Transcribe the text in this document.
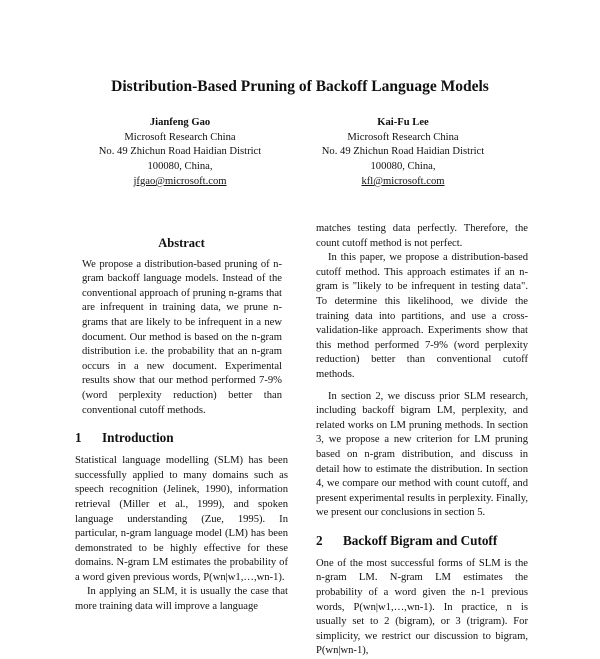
Distribution-Based Pruning of Backoff Language Models
Jianfeng Gao
Microsoft Research China
No. 49 Zhichun Road Haidian District
100080, China,
jfgao@microsoft.com
Kai-Fu Lee
Microsoft Research China
No. 49 Zhichun Road Haidian District
100080, China,
kfl@microsoft.com
Abstract

We propose a distribution-based pruning of n-gram backoff language models. Instead of the conventional approach of pruning n-grams that are infrequent in training data, we prune n-grams that are likely to be infrequent in a new document. Our method is based on the n-gram distribution i.e. the probability that an n-gram occurs in a new document. Experimental results show that our method performed 7-9% (word perplexity reduction) better than conventional cutoff methods.

1 Introduction

Statistical language modelling (SLM) has been successfully applied to many domains such as speech recognition (Jelinek, 1990), information retrieval (Miller et al., 1999), and spoken language understanding (Zue, 1995). In particular, n-gram language model (LM) has been demonstrated to be highly effective for these domains. N-gram LM estimates the probability of a word given previous words, P(wn|w1,…,wn-1).

In applying an SLM, it is usually the case that more training data will improve a language

matches testing data perfectly. Therefore, the count cutoff method is not perfect.

In this paper, we propose a distribution-based cutoff method. This approach estimates if an n-gram is "likely to be infrequent in testing data". To determine this likelihood, we divide the training data into partitions, and use a cross-validation-like approach. Experiments show that this method performed 7-9% (word perplexity reduction) better than conventional cutoff methods.

In section 2, we discuss prior SLM research, including backoff bigram LM, perplexity, and related works on LM pruning methods. In section 3, we propose a new criterion for LM pruning based on n-gram distribution, and discuss in detail how to estimate the distribution. In section 4, we compare our method with count cutoff, and present experimental results in perplexity. Finally, we present our conclusions in section 5.

2 Backoff Bigram and Cutoff

One of the most successful forms of SLM is the n-gram LM. N-gram LM estimates the probability of a word given the n-1 previous words, P(wn|w1,…,wn-1). In practice, n is usually set to 2 (bigram), or 3 (trigram). For simplicity, we restrict our discussion to bigram, P(wn|wn-1),
